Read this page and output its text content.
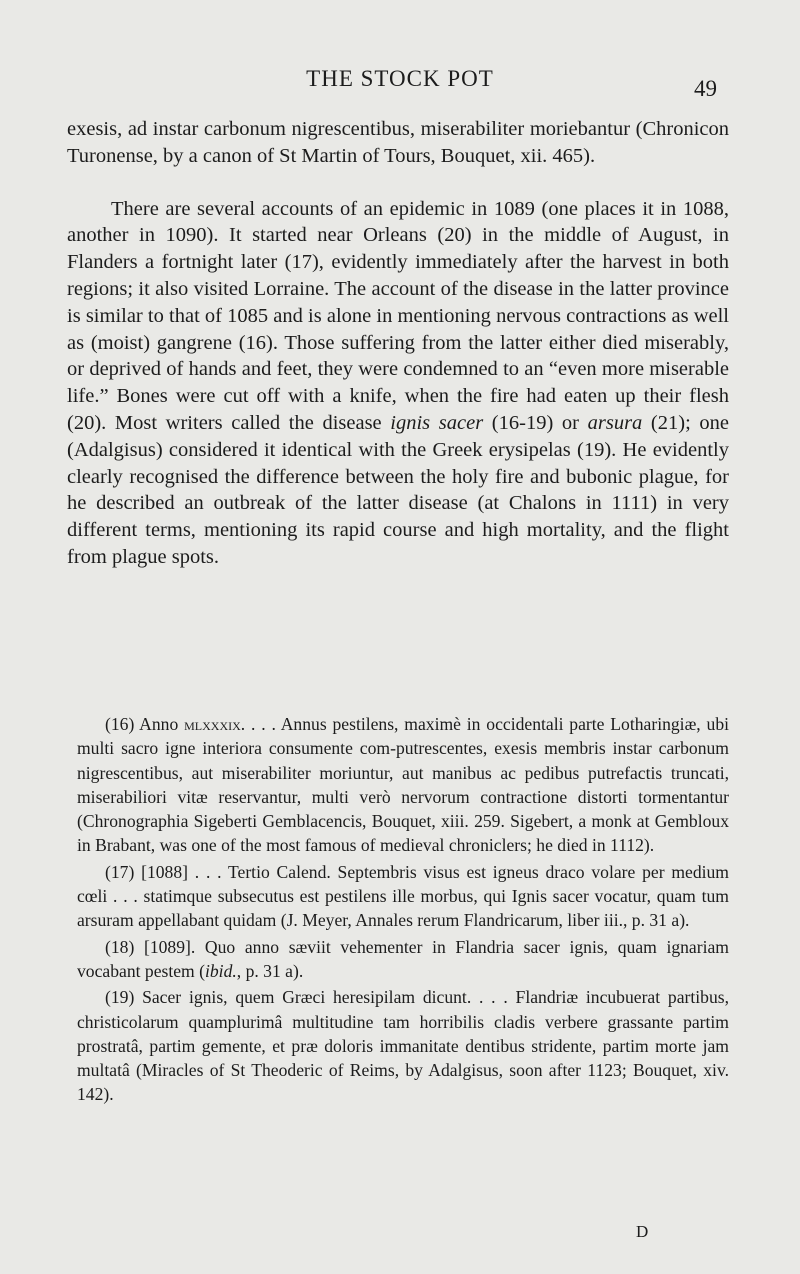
THE STOCK POT	49

exesis, ad instar carbonum nigrescentibus, miserabiliter moriebantur (Chronicon Turonense, by a canon of St Martin of Tours, Bouquet, xii. 465).

There are several accounts of an epidemic in 1089 (one places it in 1088, another in 1090). It started near Orleans (20) in the middle of August, in Flanders a fortnight later (17), evidently immediately after the harvest in both regions; it also visited Lorraine. The account of the disease in the latter province is similar to that of 1085 and is alone in mentioning nervous contractions as well as (moist) gangrene (16). Those suffering from the latter either died miserably, or deprived of hands and feet, they were condemned to an “even more miserable life.” Bones were cut off with a knife, when the fire had eaten up their flesh (20). Most writers called the disease ignis sacer (16-19) or arsura (21); one (Adalgisus) considered it identical with the Greek erysipelas (19). He evidently clearly recognised the difference between the holy fire and bubonic plague, for he described an outbreak of the latter disease (at Chalons in 1111) in very different terms, mentioning its rapid course and high mortality, and the flight from plague spots.

(16) Anno mlxxxix. . . . Annus pestilens, maximè in occidentali parte Lotharingiæ, ubi multi sacro igne interiora consumente com-putrescentes, exesis membris instar carbonum nigrescentibus, aut miserabiliter moriuntur, aut manibus ac pedibus putrefactis truncati, miserabiliori vitæ reservantur, multi verò nervorum contractione distorti tormentantur (Chronographia Sigeberti Gemblacencis, Bouquet, xiii. 259. Sigebert, a monk at Gembloux in Brabant, was one of the most famous of medieval chroniclers; he died in 1112).

(17) [1088] . . . Tertio Calend. Septembris visus est igneus draco volare per medium cœli . . . statimque subsecutus est pestilens ille morbus, qui Ignis sacer vocatur, quam tum arsuram appellabant quidam (J. Meyer, Annales rerum Flandricarum, liber iii., p. 31 a).

(18) [1089]. Quo anno sæviit vehementer in Flandria sacer ignis, quam ignariam vocabant pestem (ibid., p. 31 a).

(19) Sacer ignis, quem Græci heresipilam dicunt. . . . Flandriæ incubuerat partibus, christicolarum quamplurimâ multitudine tam horribilis cladis verbere grassante partim prostratâ, partim gemente, et præ doloris immanitate dentibus stridente, partim morte jam multatâ (Miracles of St Theoderic of Reims, by Adalgisus, soon after 1123; Bouquet, xiv. 142).

D
